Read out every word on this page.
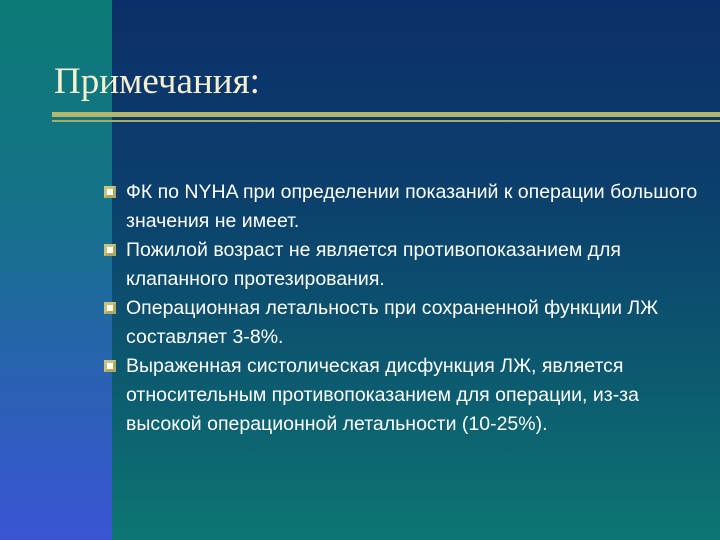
Примечания:
ФК по NYHA при определении показаний к операции большого значения не имеет.
Пожилой возраст не является противопоказанием для клапанного протезирования.
Операционная летальность при сохраненной функции ЛЖ составляет 3-8%.
Выраженная систолическая дисфункция ЛЖ, является относительным противопоказанием для операции, из-за высокой операционной летальности (10-25%).
